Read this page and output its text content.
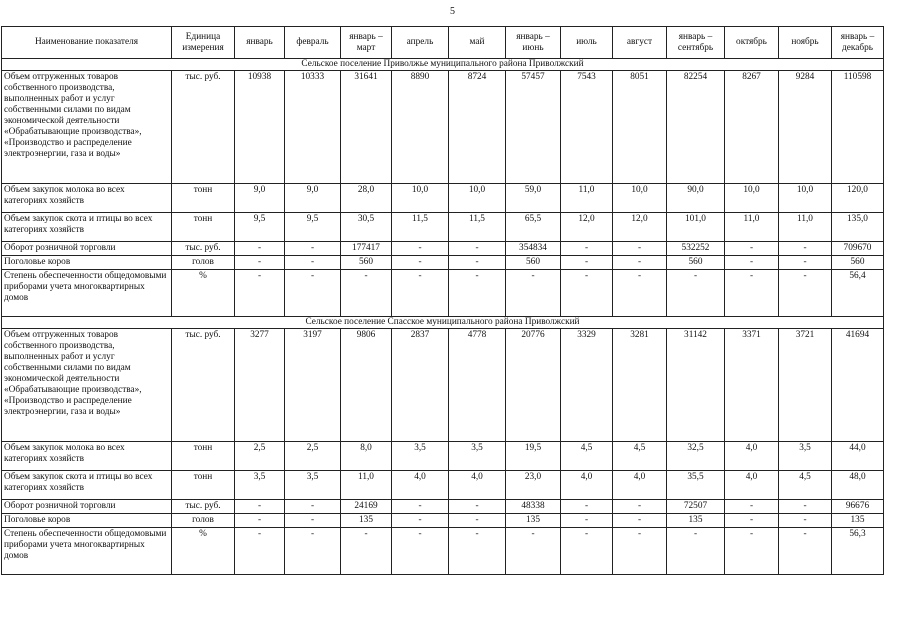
5
Наименование показателя	Единица измерения	январь	февраль	январь – март	апрель	май	январь – июнь	июль	август	январь – сентябрь	октябрь	ноябрь	январь – декабрь
Сельское поселение Приволжье муниципального района Приволжский													
Объем отгруженных товаров собственного производства, выполненных работ и услуг собственными силами по видам экономической деятельности «Обрабатывающие производства», «Производство и распределение электроэнергии, газа и воды»	тыс. руб.	10938	10333	31641	8890	8724	57457	7543	8051	82254	8267	9284	110598
Объем закупок молока во всех категориях хозяйств	тонн	9,0	9,0	28,0	10,0	10,0	59,0	11,0	10,0	90,0	10,0	10,0	120,0
Объем закупок скота и птицы во всех категориях хозяйств	тонн	9,5	9,5	30,5	11,5	11,5	65,5	12,0	12,0	101,0	11,0	11,0	135,0
Оборот розничной торговли	тыс. руб.	-	-	177417	-	-	354834	-	-	532252	-	-	709670
Поголовье коров	голов	-	-	560	-	-	560	-	-	560	-	-	560
Степень обеспеченности общедомовыми приборами учета многоквартирных домов	%	-	-	-	-	-	-	-	-	-	-	-	56,4
Сельское поселение Спасское муниципального района Приволжский													
Объем отгруженных товаров собственного производства, выполненных работ и услуг собственными силами по видам экономической деятельности «Обрабатывающие производства», «Производство и распределение электроэнергии, газа и воды»	тыс. руб.	3277	3197	9806	2837	4778	20776	3329	3281	31142	3371	3721	41694
Объем закупок молока во всех категориях хозяйств	тонн	2,5	2,5	8,0	3,5	3,5	19,5	4,5	4,5	32,5	4,0	3,5	44,0
Объем закупок скота и птицы во всех категориях хозяйств	тонн	3,5	3,5	11,0	4,0	4,0	23,0	4,0	4,0	35,5	4,0	4,5	48,0
Оборот розничной торговли	тыс. руб.	-	-	24169	-	-	48338	-	-	72507	-	-	96676
Поголовье коров	голов	-	-	135	-	-	135	-	-	135	-	-	135
Степень обеспеченности общедомовыми приборами учета многоквартирных домов	%	-	-	-	-	-	-	-	-	-	-	-	56,3
